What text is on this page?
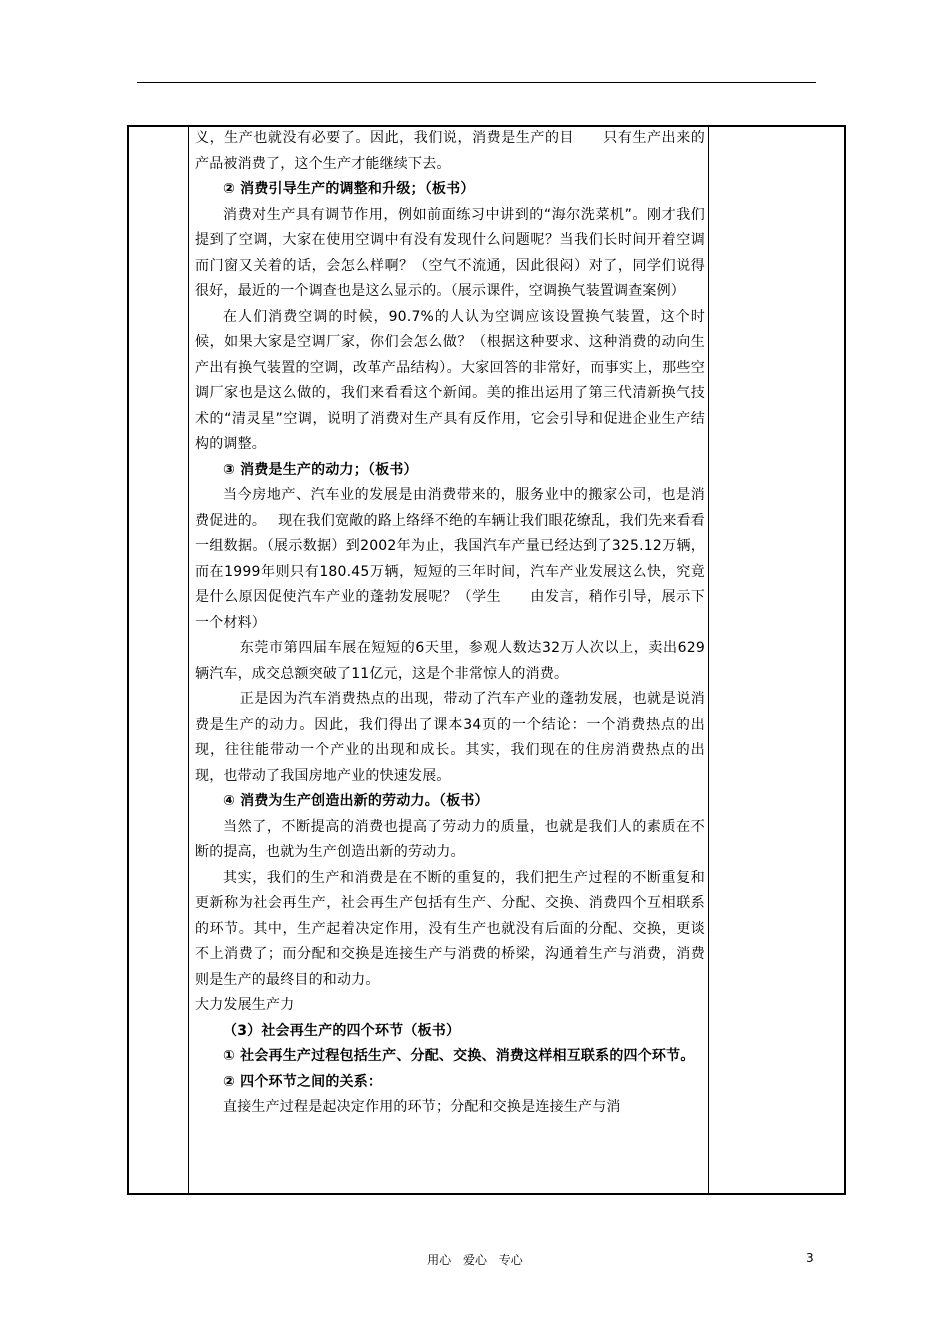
义，生产也就没有必要了。因此，我们说，消费是生产的目　　只有生产出来的产品被消费了，这个生产才能继续下去。

② 消费引导生产的调整和升级；（板书）

消费对生产具有调节作用，例如前面练习中讲到的“海尔洗菜机”。刚才我们提到了空调，大家在使用空调中有没有发现什么问题呢？当我们长时间开着空调而门窗又关着的话，会怎么样啊？（空气不流通，因此很闷）对了，同学们说得很好，最近的一个调查也是这么显示的。（展示课件，空调换气装置调查案例）

在人们消费空调的时候，90.7%的人认为空调应该设置换气装置，这个时候，如果大家是空调厂家，你们会怎么做？（根据这种要求、这种消费的动向生产出有换气装置的空调，改革产品结构）。大家回答的非常好，而事实上，那些空调厂家也是这么做的，我们来看看这个新闻。美的推出运用了第三代清新换气技术的“清灵星”空调，说明了消费对生产具有反作用，它会引导和促进企业生产结构的调整。

③ 消费是生产的动力；（板书）

当今房地产、汽车业的发展是由消费带来的，服务业中的搬家公司，也是消费促进的。　 现在我们宽敞的路上络绎不绝的车辆让我们眼花缭乱，我们先来看看一组数据。（展示数据）到2002年为止，我国汽车产量已经达到了325.12万辆，而在1999年则只有180.45万辆，短短的三年时间，汽车产业发展这么快，究竟是什么原因促使汽车产业的蓬勃发展呢？（学生　　由发言，稍作引导，展示下一个材料）

东莞市第四届车展在短短的6天里，参观人数达32万人次以上，卖出629辆汽车，成交总额突破了11亿元，这是个非常惊人的消费。

正是因为汽车消费热点的出现，带动了汽车产业的蓬勃发展，也就是说消费是生产的动力。因此，我们得出了课本34页的一个结论：一个消费热点的出现，往往能带动一个产业的出现和成长。其实，我们现在的住房消费热点的出现，也带动了我国房地产业的快速发展。

④ 消费为生产创造出新的劳动力。（板书）

当然了，不断提高的消费也提高了劳动力的质量，也就是我们人的素质在不断的提高，也就为生产创造出新的劳动力。

其实，我们的生产和消费是在不断的重复的，我们把生产过程的不断重复和更新称为社会再生产，社会再生产包括有生产、分配、交换、消费四个互相联系的环节。其中，生产起着决定作用，没有生产也就没有后面的分配、交换，更谈不上消费了；而分配和交换是连接生产与消费的桥梁，沟通着生产与消费，消费则是生产的最终目的和动力。

大力发展生产力

（3）社会再生产的四个环节（板书）

① 社会再生产过程包括生产、分配、交换、消费这样相互联系的四个环节。

② 四个环节之间的关系：

直接生产过程是起决定作用的环节；分配和交换是连接生产与消

用心 爱心 专心	3
